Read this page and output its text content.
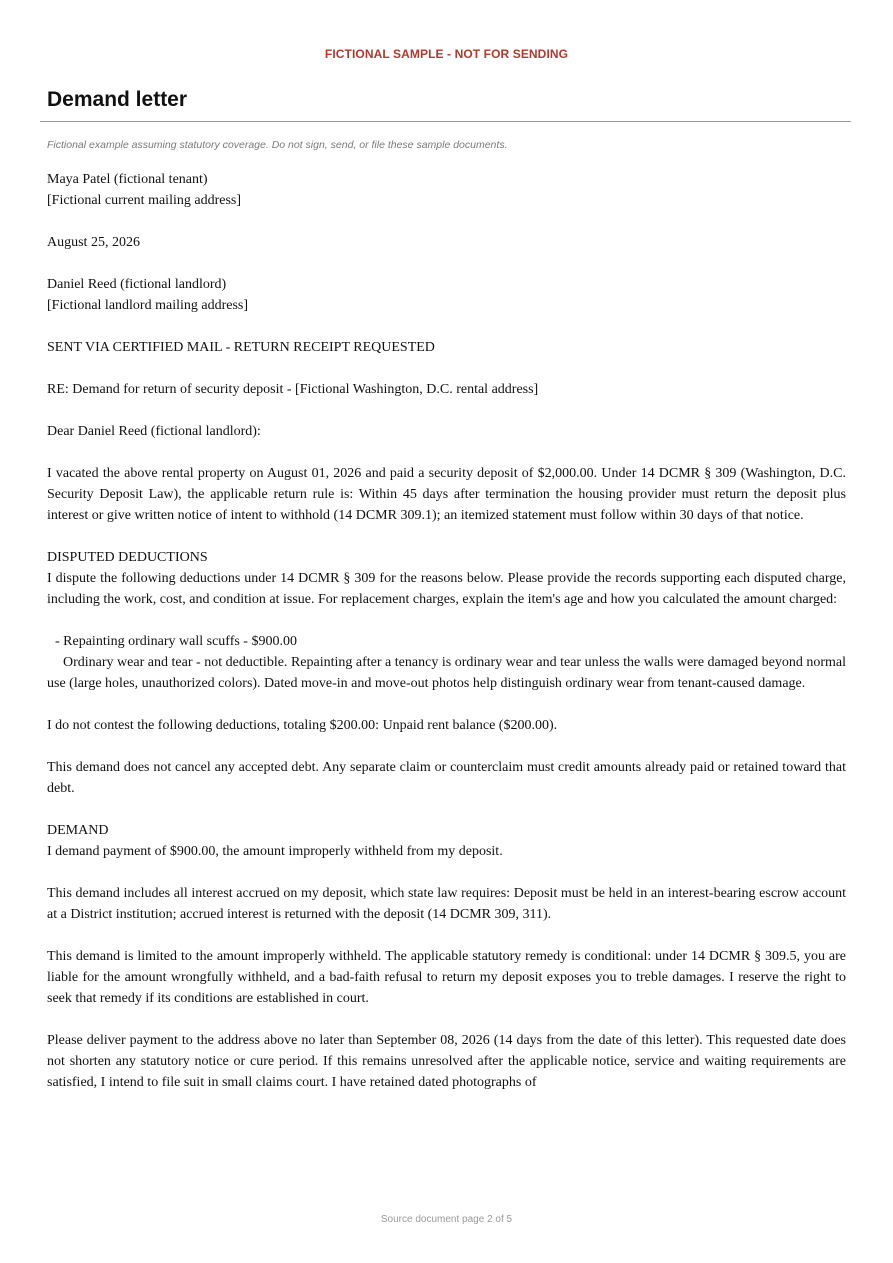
FICTIONAL SAMPLE - NOT FOR SENDING
Demand letter
Fictional example assuming statutory coverage. Do not sign, send, or file these sample documents.

Maya Patel (fictional tenant)
[Fictional current mailing address]

August 25, 2026

Daniel Reed (fictional landlord)
[Fictional landlord mailing address]

SENT VIA CERTIFIED MAIL - RETURN RECEIPT REQUESTED

RE: Demand for return of security deposit - [Fictional Washington, D.C. rental address]

Dear Daniel Reed (fictional landlord):

I vacated the above rental property on August 01, 2026 and paid a security deposit of $2,000.00. Under 14 DCMR § 309 (Washington, D.C. Security Deposit Law), the applicable return rule is: Within 45 days after termination the housing provider must return the deposit plus interest or give written notice of intent to withhold (14 DCMR 309.1); an itemized statement must follow within 30 days of that notice.

DISPUTED DEDUCTIONS
I dispute the following deductions under 14 DCMR § 309 for the reasons below. Please provide the records supporting each disputed charge, including the work, cost, and condition at issue. For replacement charges, explain the item's age and how you calculated the amount charged:

- Repainting ordinary wall scuffs - $900.00

Ordinary wear and tear - not deductible. Repainting after a tenancy is ordinary wear and tear unless the walls were damaged beyond normal use (large holes, unauthorized colors). Dated move-in and move-out photos help distinguish ordinary wear from tenant-caused damage.

I do not contest the following deductions, totaling $200.00: Unpaid rent balance ($200.00).

This demand does not cancel any accepted debt. Any separate claim or counterclaim must credit amounts already paid or retained toward that debt.

DEMAND
I demand payment of $900.00, the amount improperly withheld from my deposit.

This demand includes all interest accrued on my deposit, which state law requires: Deposit must be held in an interest-bearing escrow account at a District institution; accrued interest is returned with the deposit (14 DCMR 309, 311).

This demand is limited to the amount improperly withheld. The applicable statutory remedy is conditional: under 14 DCMR § 309.5, you are liable for the amount wrongfully withheld, and a bad-faith refusal to return my deposit exposes you to treble damages. I reserve the right to seek that remedy if its conditions are established in court.

Please deliver payment to the address above no later than September 08, 2026 (14 days from the date of this letter). This requested date does not shorten any statutory notice or cure period. If this remains unresolved after the applicable notice, service and waiting requirements are satisfied, I intend to file suit in small claims court. I have retained dated photographs of

Source document page 2 of 5
